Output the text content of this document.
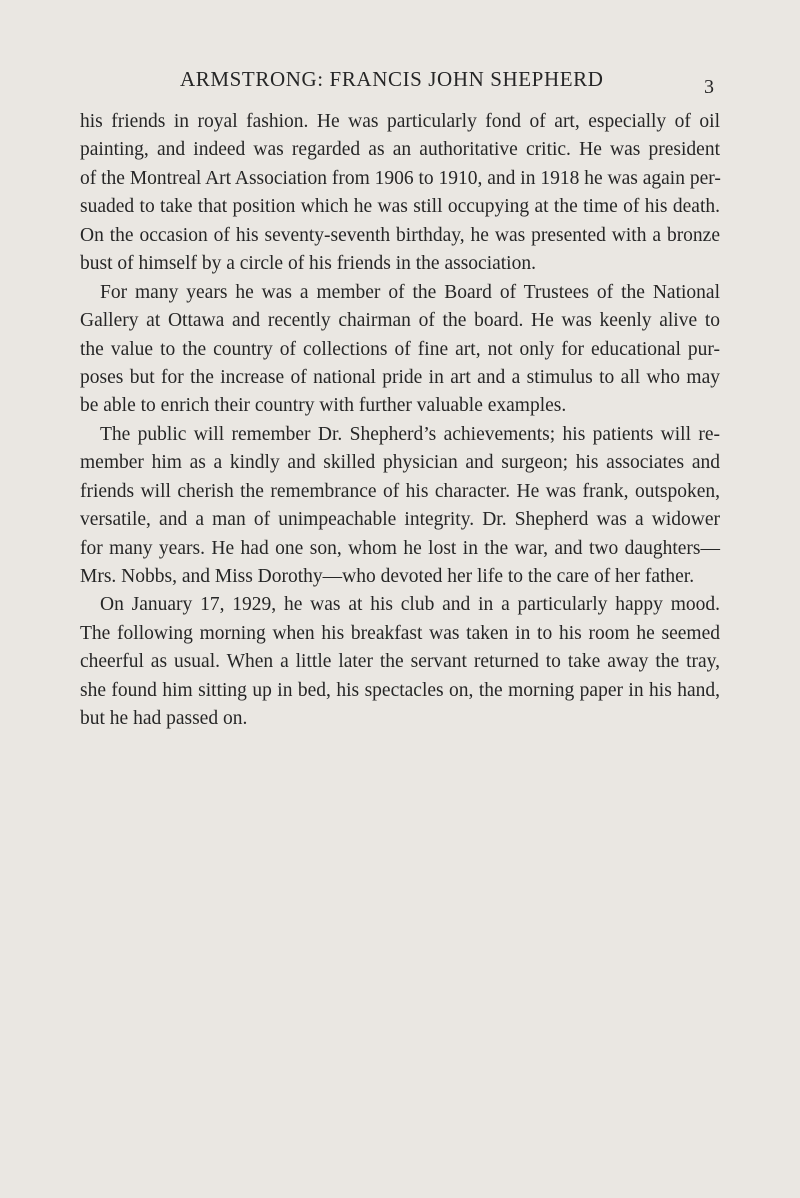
ARMSTRONG: FRANCIS JOHN SHEPHERD	3
his friends in royal fashion. He was particularly fond of art, especially of oil
painting, and indeed was regarded as an authoritative critic. He was president
of the Montreal Art Association from 1906 to 1910, and in 1918 he was again per-
suaded to take that position which he was still occupying at the time of his death.
On the occasion of his seventy-seventh birthday, he was presented with a bronze
bust of himself by a circle of his friends in the association.
For many years he was a member of the Board of Trustees of the National
Gallery at Ottawa and recently chairman of the board. He was keenly alive to
the value to the country of collections of fine art, not only for educational pur-
poses but for the increase of national pride in art and a stimulus to all who may
be able to enrich their country with further valuable examples.
The public will remember Dr. Shepherd’s achievements; his patients will re-
member him as a kindly and skilled physician and surgeon; his associates and
friends will cherish the remembrance of his character. He was frank, outspoken,
versatile, and a man of unimpeachable integrity. Dr. Shepherd was a widower
for many years. He had one son, whom he lost in the war, and two daughters—
Mrs. Nobbs, and Miss Dorothy—who devoted her life to the care of her father.
On January 17, 1929, he was at his club and in a particularly happy mood.
The following morning when his breakfast was taken in to his room he seemed
cheerful as usual. When a little later the servant returned to take away the tray,
she found him sitting up in bed, his spectacles on, the morning paper in his hand,
but he had passed on.
